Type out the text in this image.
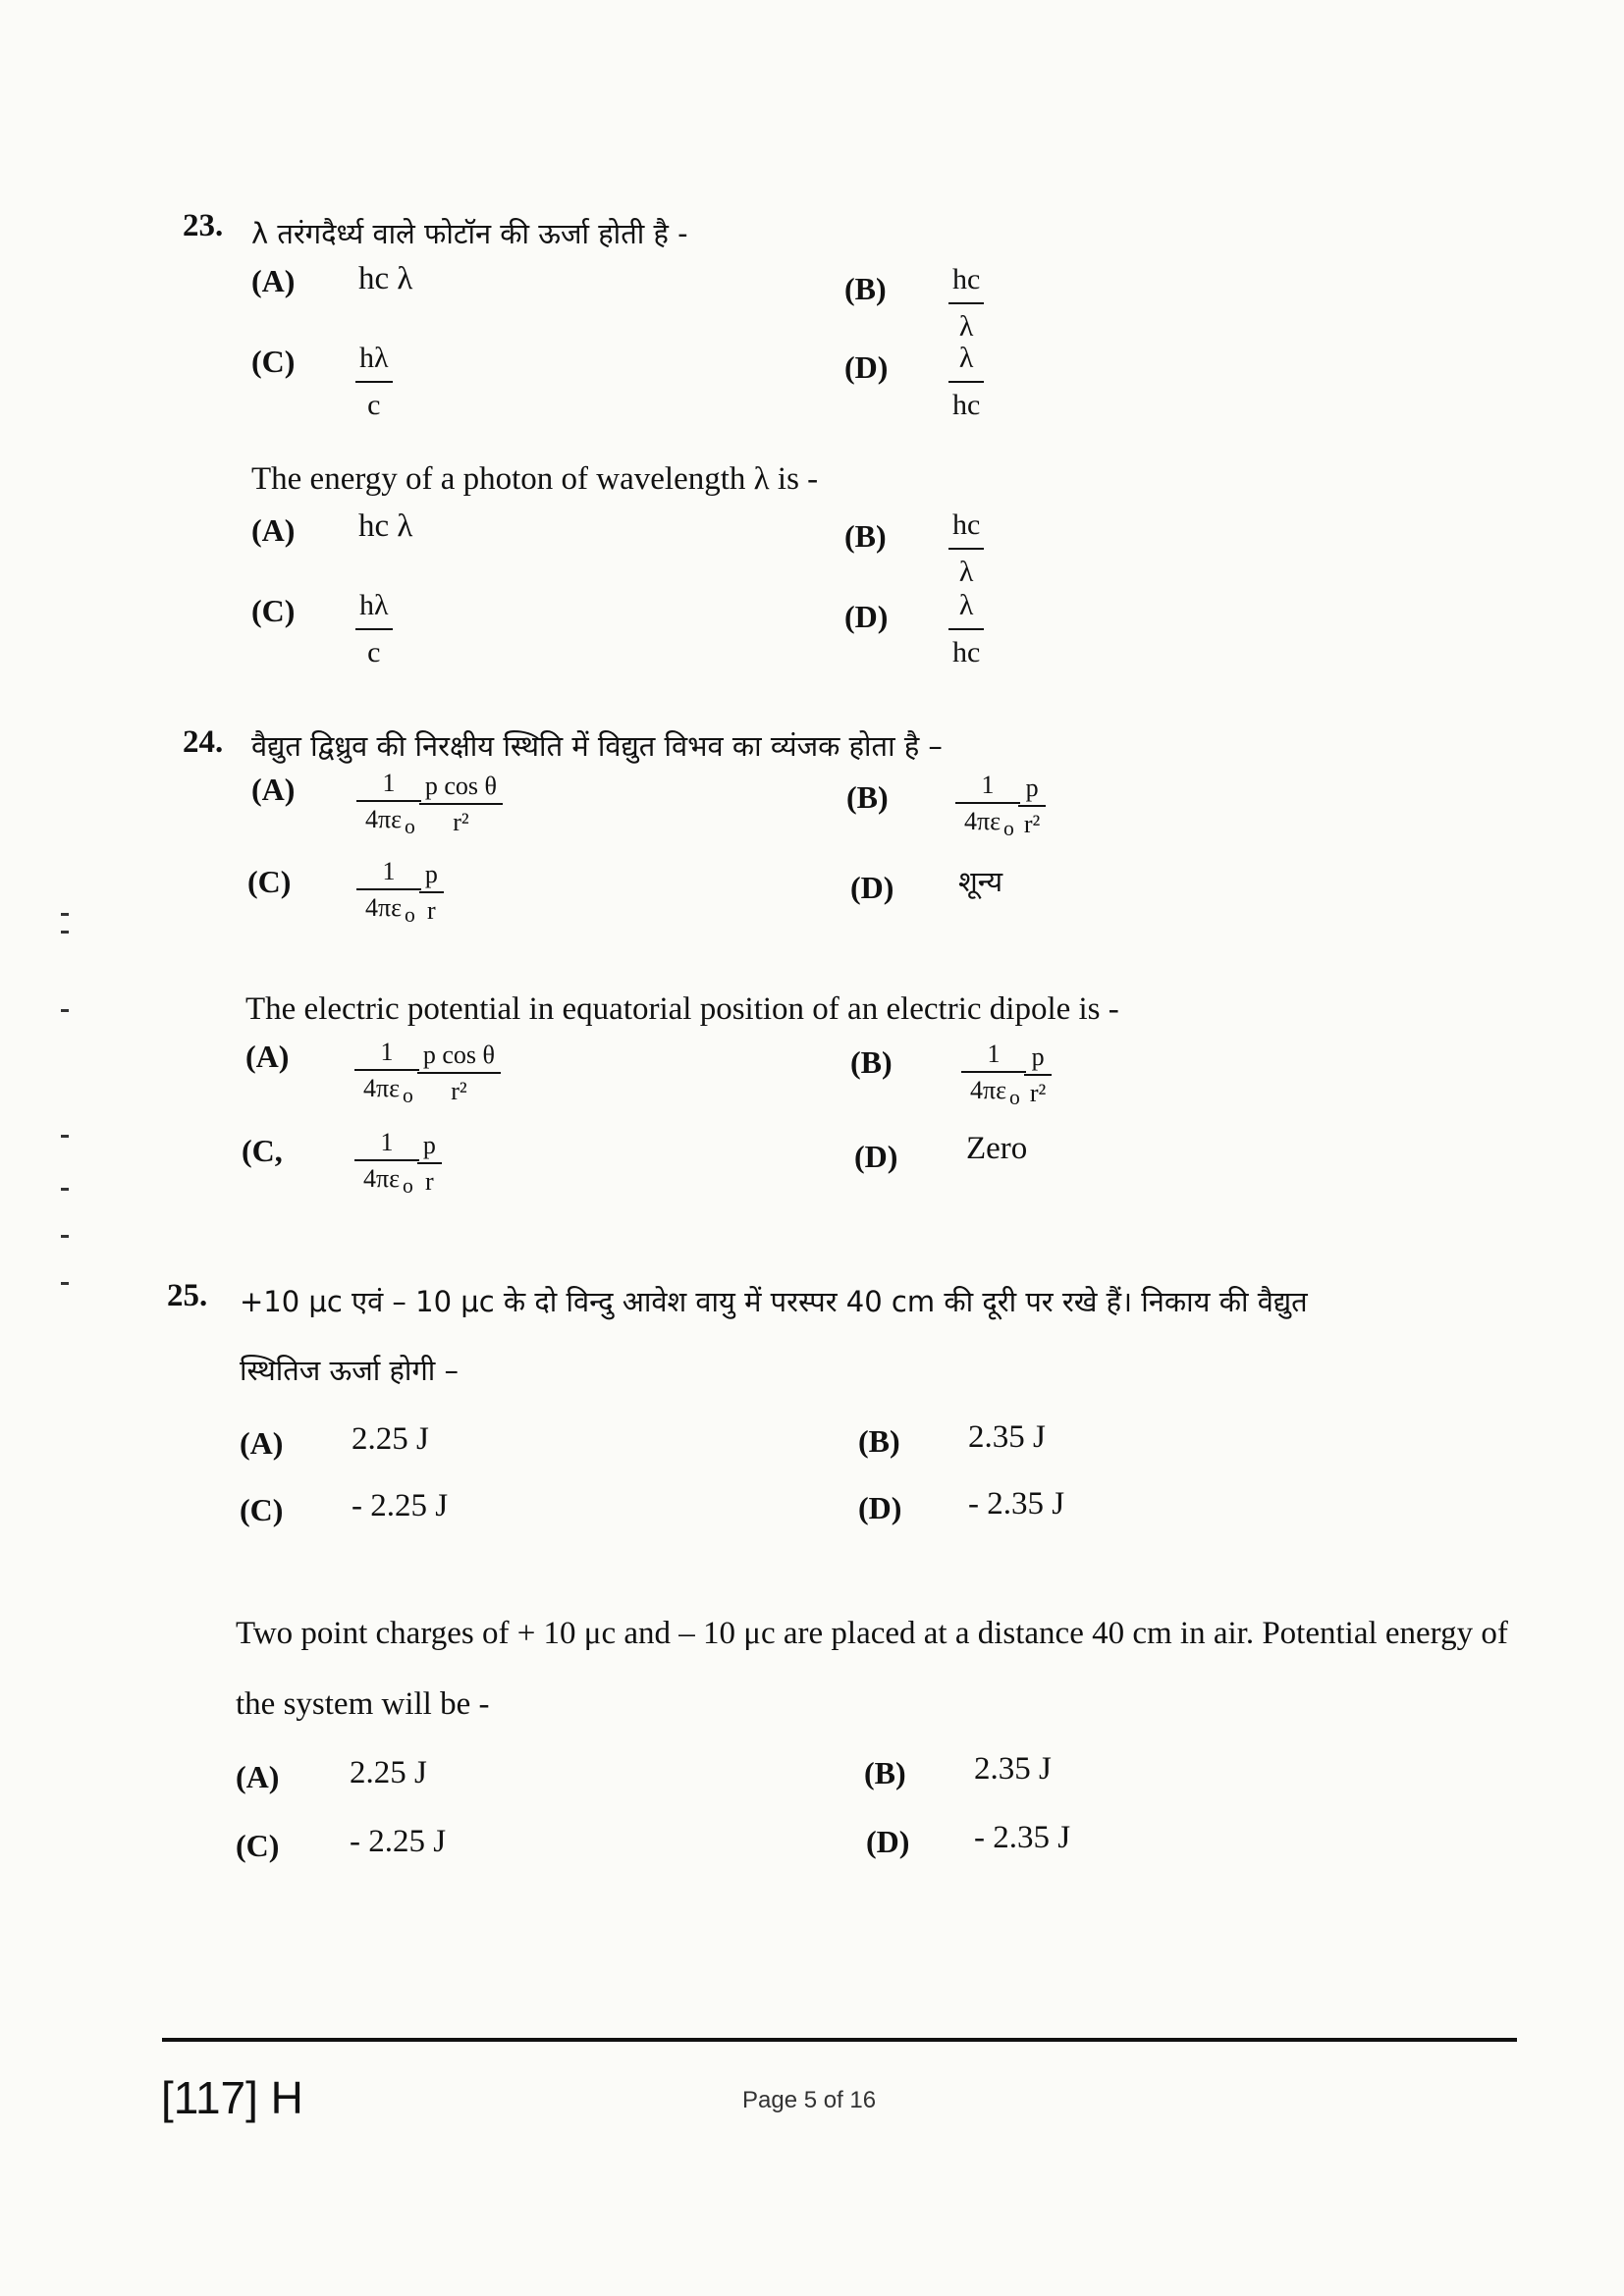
23. λ तरंगदैर्ध्य वाले फोटॉन की ऊर्जा होती है -
(A) hc λ	(B) hc
λ
(C) hλ
c
(D) λ
hc
The energy of a photon of wavelength λ is -
(A) hc λ	(B) hc
λ
(C) hλ
c
(D) λ
hc
24. वैद्युत द्विध्रुव की निरक्षीय स्थिति में विद्युत विभव का व्यंजक होता है –
(A)	1
4πε $_o$
p cos θ
r²
(B)	1
4πε $_o$
p
r²
(C)	1
4πε $_o$
p
r
(D) शून्य
The electric potential in equatorial position of an electric dipole is -
(A)	1
4πε $_o$
p cos θ
r²
(B)	1
4πε $_o$
p
r²
(C,	1
4πε $_o$
p
r
(D) Zero
25. +10 μc एवं – 10 μc के दो विन्दु आवेश वायु में परस्पर 40 cm की दूरी पर रखे हैं। निकाय की वैद्युत
स्थितिज ऊर्जा होगी –
(A) 2.25 J	(B) 2.35 J
(C) - 2.25 J	(D) - 2.35 J
Two point charges of + 10 μc and – 10 μc are placed at a distance 40 cm in air. Potential energy of
the system will be -
(A) 2.25 J	(B) 2.35 J
(C) - 2.25 J	(D) - 2.35 J
[117] H	Page 5 of 16
